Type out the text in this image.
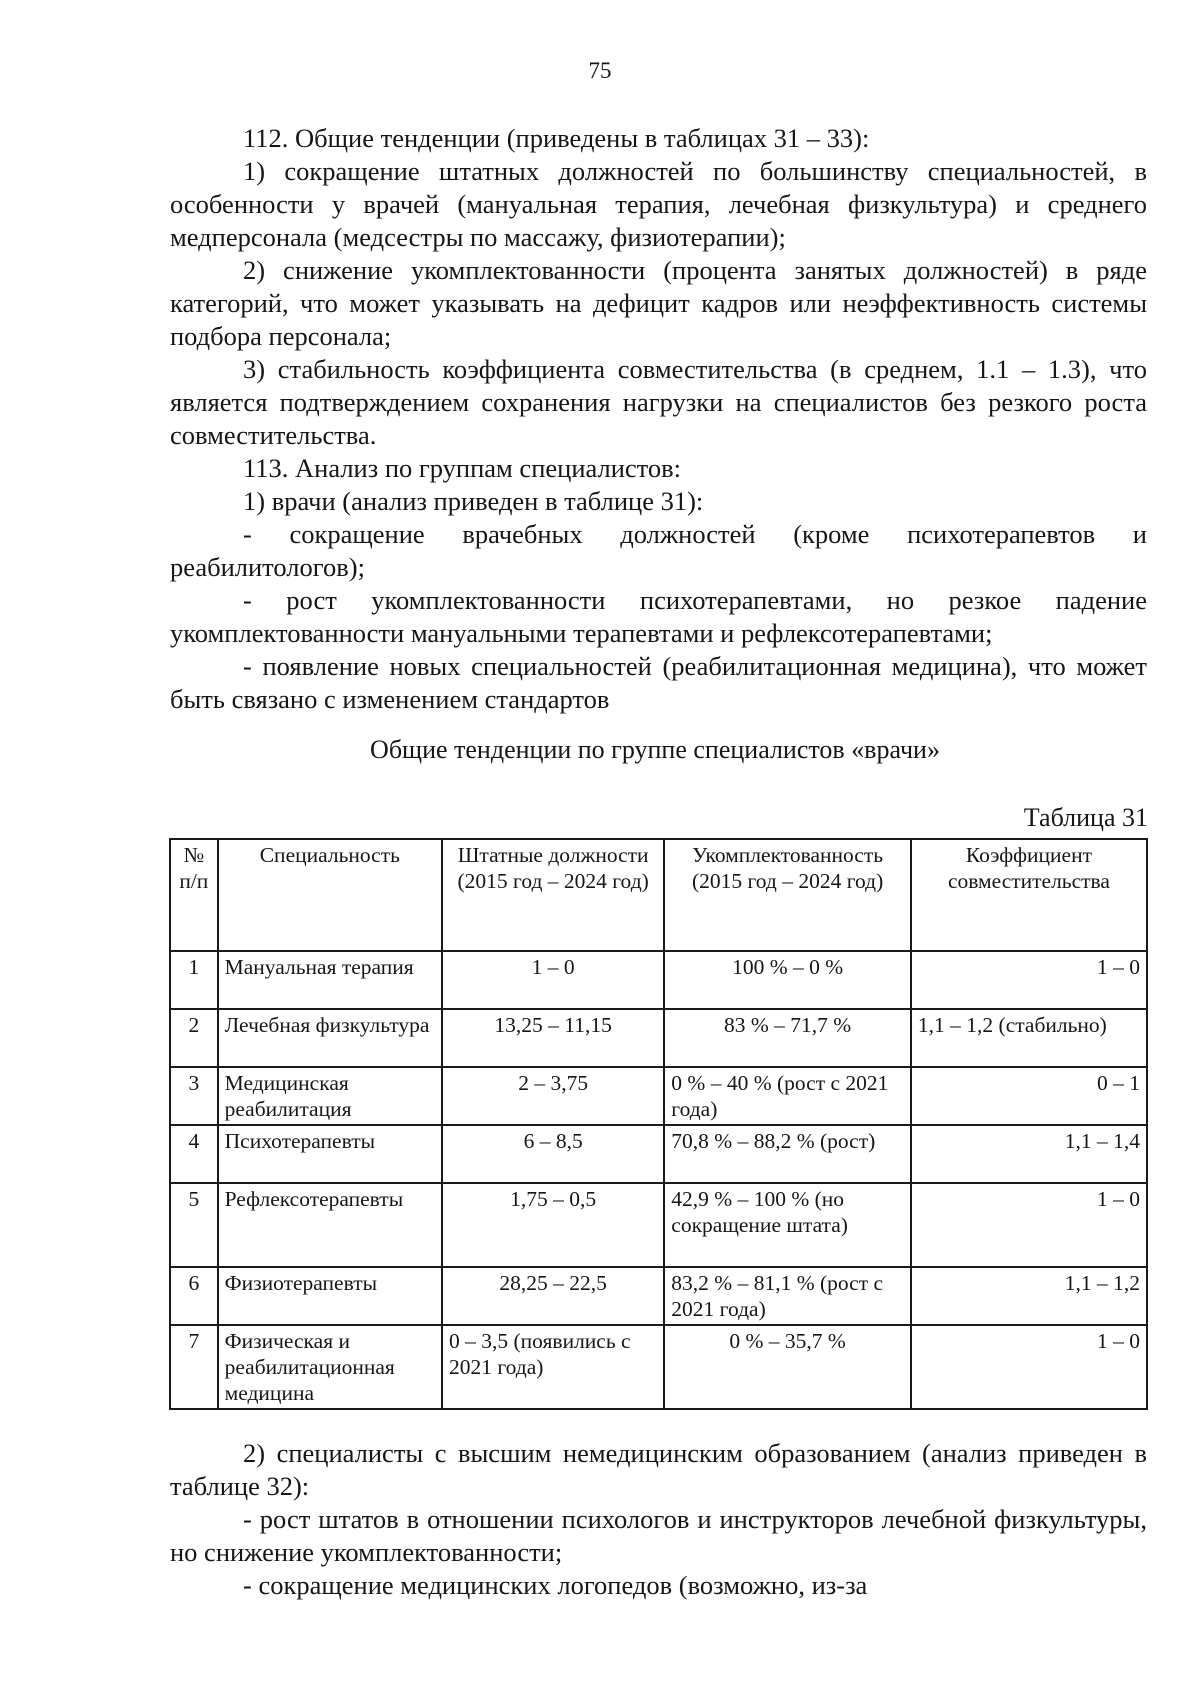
75

112. Общие тенденции (приведены в таблицах 31 – 33):

1) сокращение штатных должностей по большинству специальностей, в особенности у врачей (мануальная терапия, лечебная физкультура) и среднего медперсонала (медсестры по массажу, физиотерапии);

2) снижение укомплектованности (процента занятых должностей) в ряде категорий, что может указывать на дефицит кадров или неэффективность системы подбора персонала;

3) стабильность коэффициента совместительства (в среднем, 1.1 – 1.3), что является подтверждением сохранения нагрузки на специалистов без резкого роста совместительства.

113. Анализ по группам специалистов:

1) врачи (анализ приведен в таблице 31):

- сокращение врачебных должностей (кроме психотерапевтов и реабилитологов);

- рост укомплектованности психотерапевтами, но резкое падение укомплектованности мануальными терапевтами и рефлексотерапевтами;

- появление новых специальностей (реабилитационная медицина), что может быть связано с изменением стандартов

Общие тенденции по группе специалистов «врачи»
Таблица 31
№ п/п	Специальность	Штатные должности (2015 год – 2024 год)	Укомплектованность (2015 год – 2024 год)	Коэффициент совместительства
1	Мануальная терапия	1 – 0	100 % – 0 %	1 – 0
2	Лечебная физкультура	13,25 – 11,15	83 % – 71,7 %	1,1 – 1,2 (стабильно)
3	Медицинская реабилитация	2 – 3,75	0 % – 40 % (рост с 2021 года)	0 – 1
4	Психотерапевты	6 – 8,5	70,8 % – 88,2 % (рост)	1,1 – 1,4
5	Рефлексотерапевты	1,75 – 0,5	42,9 % – 100 % (но сокращение штата)	1 – 0
6	Физиотерапевты	28,25 – 22,5	83,2 % – 81,1 % (рост с 2021 года)	1,1 – 1,2
7	Физическая и реабилитационная медицина	0 – 3,5 (появились с 2021 года)	0 % – 35,7 %	1 – 0

2) специалисты с высшим немедицинским образованием (анализ приведен в таблице 32):

- рост штатов в отношении психологов и инструкторов лечебной физкультуры, но снижение укомплектованности;

- сокращение медицинских логопедов (возможно, из-за
